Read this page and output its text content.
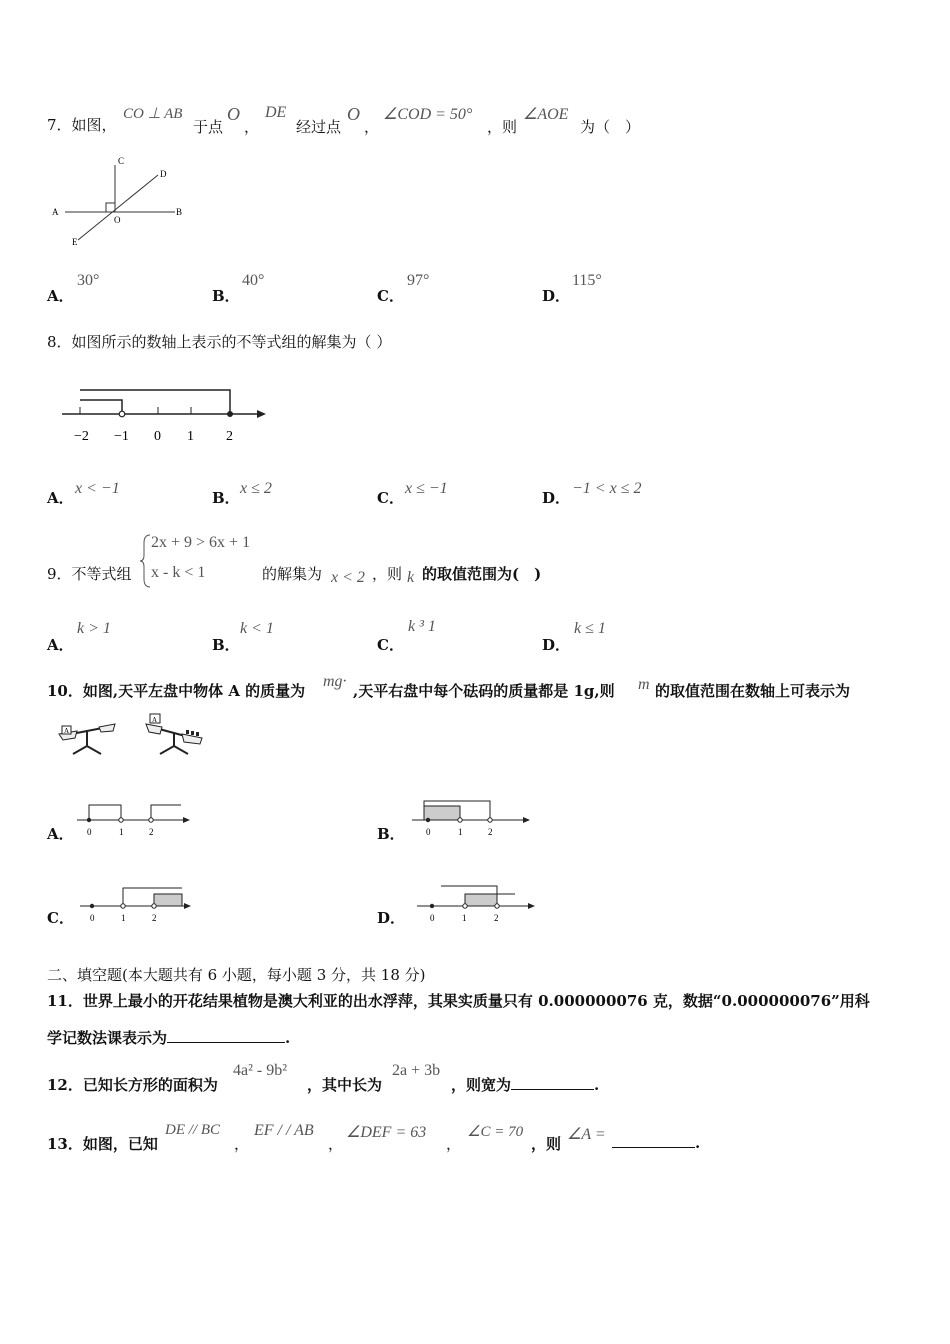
7．如图，
CO ⊥ AB
于点
O
，
DE
经过点
O
，
∠COD = 50°
，则
∠AOE
为（　）
A	B
C
D
E
O
A．
30°
B．
40°
C．
97°
D．
115°
8．如图所示的数轴上表示的不等式组的解集为（ ）
−2 −1 0 1 2
A．
x < −1
B．
x ≤ 2
C．
x ≤ −1
D．
−1 < x ≤ 2
9．不等式组
2x + 9 > 6x + 1
x - k < 1	的解集为 x < 2 ，则 k 的取值范围为(　)
A．
k > 1
B．
k < 1
C．
k ³ 1
D．
k ≤ 1
10．如图,天平左盘中物体 A 的质量为
mg·
,天平右盘中每个砝码的质量都是 1g,则 m 的取值范围在数轴上可表示为
A
A
A． 0	1	2	B． 0	1	2
C． 0	1	2	D．	0	1	2
二、填空题(本大题共有 6 小题，每小题 3 分，共 18 分)
11．世界上最小的开花结果植物是澳大利亚的出水浮萍，其果实质量只有 0.000000076 克，数据“0.000000076”用科
学记数法课表示为	.
12．已知长方形的面积为
4a² - 9b²
，其中长为
2a + 3b
，则宽为	.
13．如图，已知
DE // BC
，
EF / / AB
，
∠DEF = 63
，
∠C = 70
，则
∠A =	.
